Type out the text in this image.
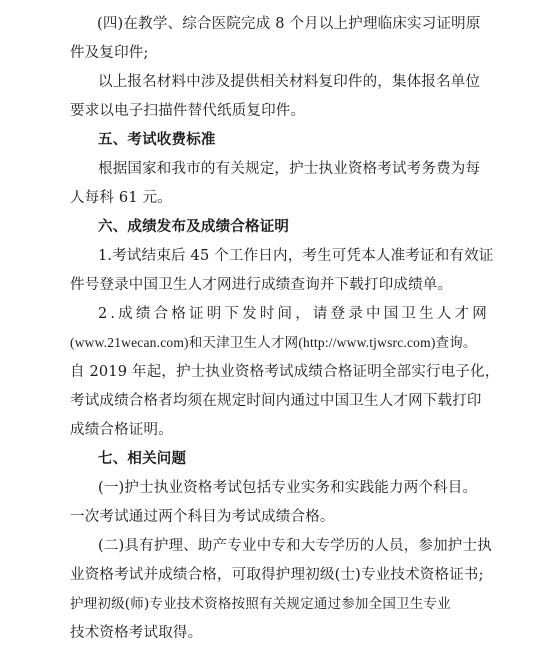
(四)在教学、综合医院完成 8 个月以上护理临床实习证明原
件及复印件;
以上报名材料中涉及提供相关材料复印件的，集体报名单位
要求以电子扫描件替代纸质复印件。
五、考试收费标准
根据国家和我市的有关规定，护士执业资格考试考务费为每
人每科 61 元。
六、成绩发布及成绩合格证明
1.考试结束后 45 个工作日内，考生可凭本人准考证和有效证
件号登录中国卫生人才网进行成绩查询并下载打印成绩单。
2.成绩合格证明下发时间，请登录中国卫生人才网
(www.21wecan.com)和天津卫生人才网(http://www.tjwsrc.com)查询。
自 2019 年起，护士执业资格考试成绩合格证明全部实行电子化，
考试成绩合格者均须在规定时间内通过中国卫生人才网下载打印
成绩合格证明。
七、相关问题
(一)护士执业资格考试包括专业实务和实践能力两个科目。
一次考试通过两个科目为考试成绩合格。
(二)具有护理、助产专业中专和大专学历的人员，参加护士执
业资格考试并成绩合格，可取得护理初级(士)专业技术资格证书;
护理初级(师)专业技术资格按照有关规定通过参加全国卫生专业
技术资格考试取得。
